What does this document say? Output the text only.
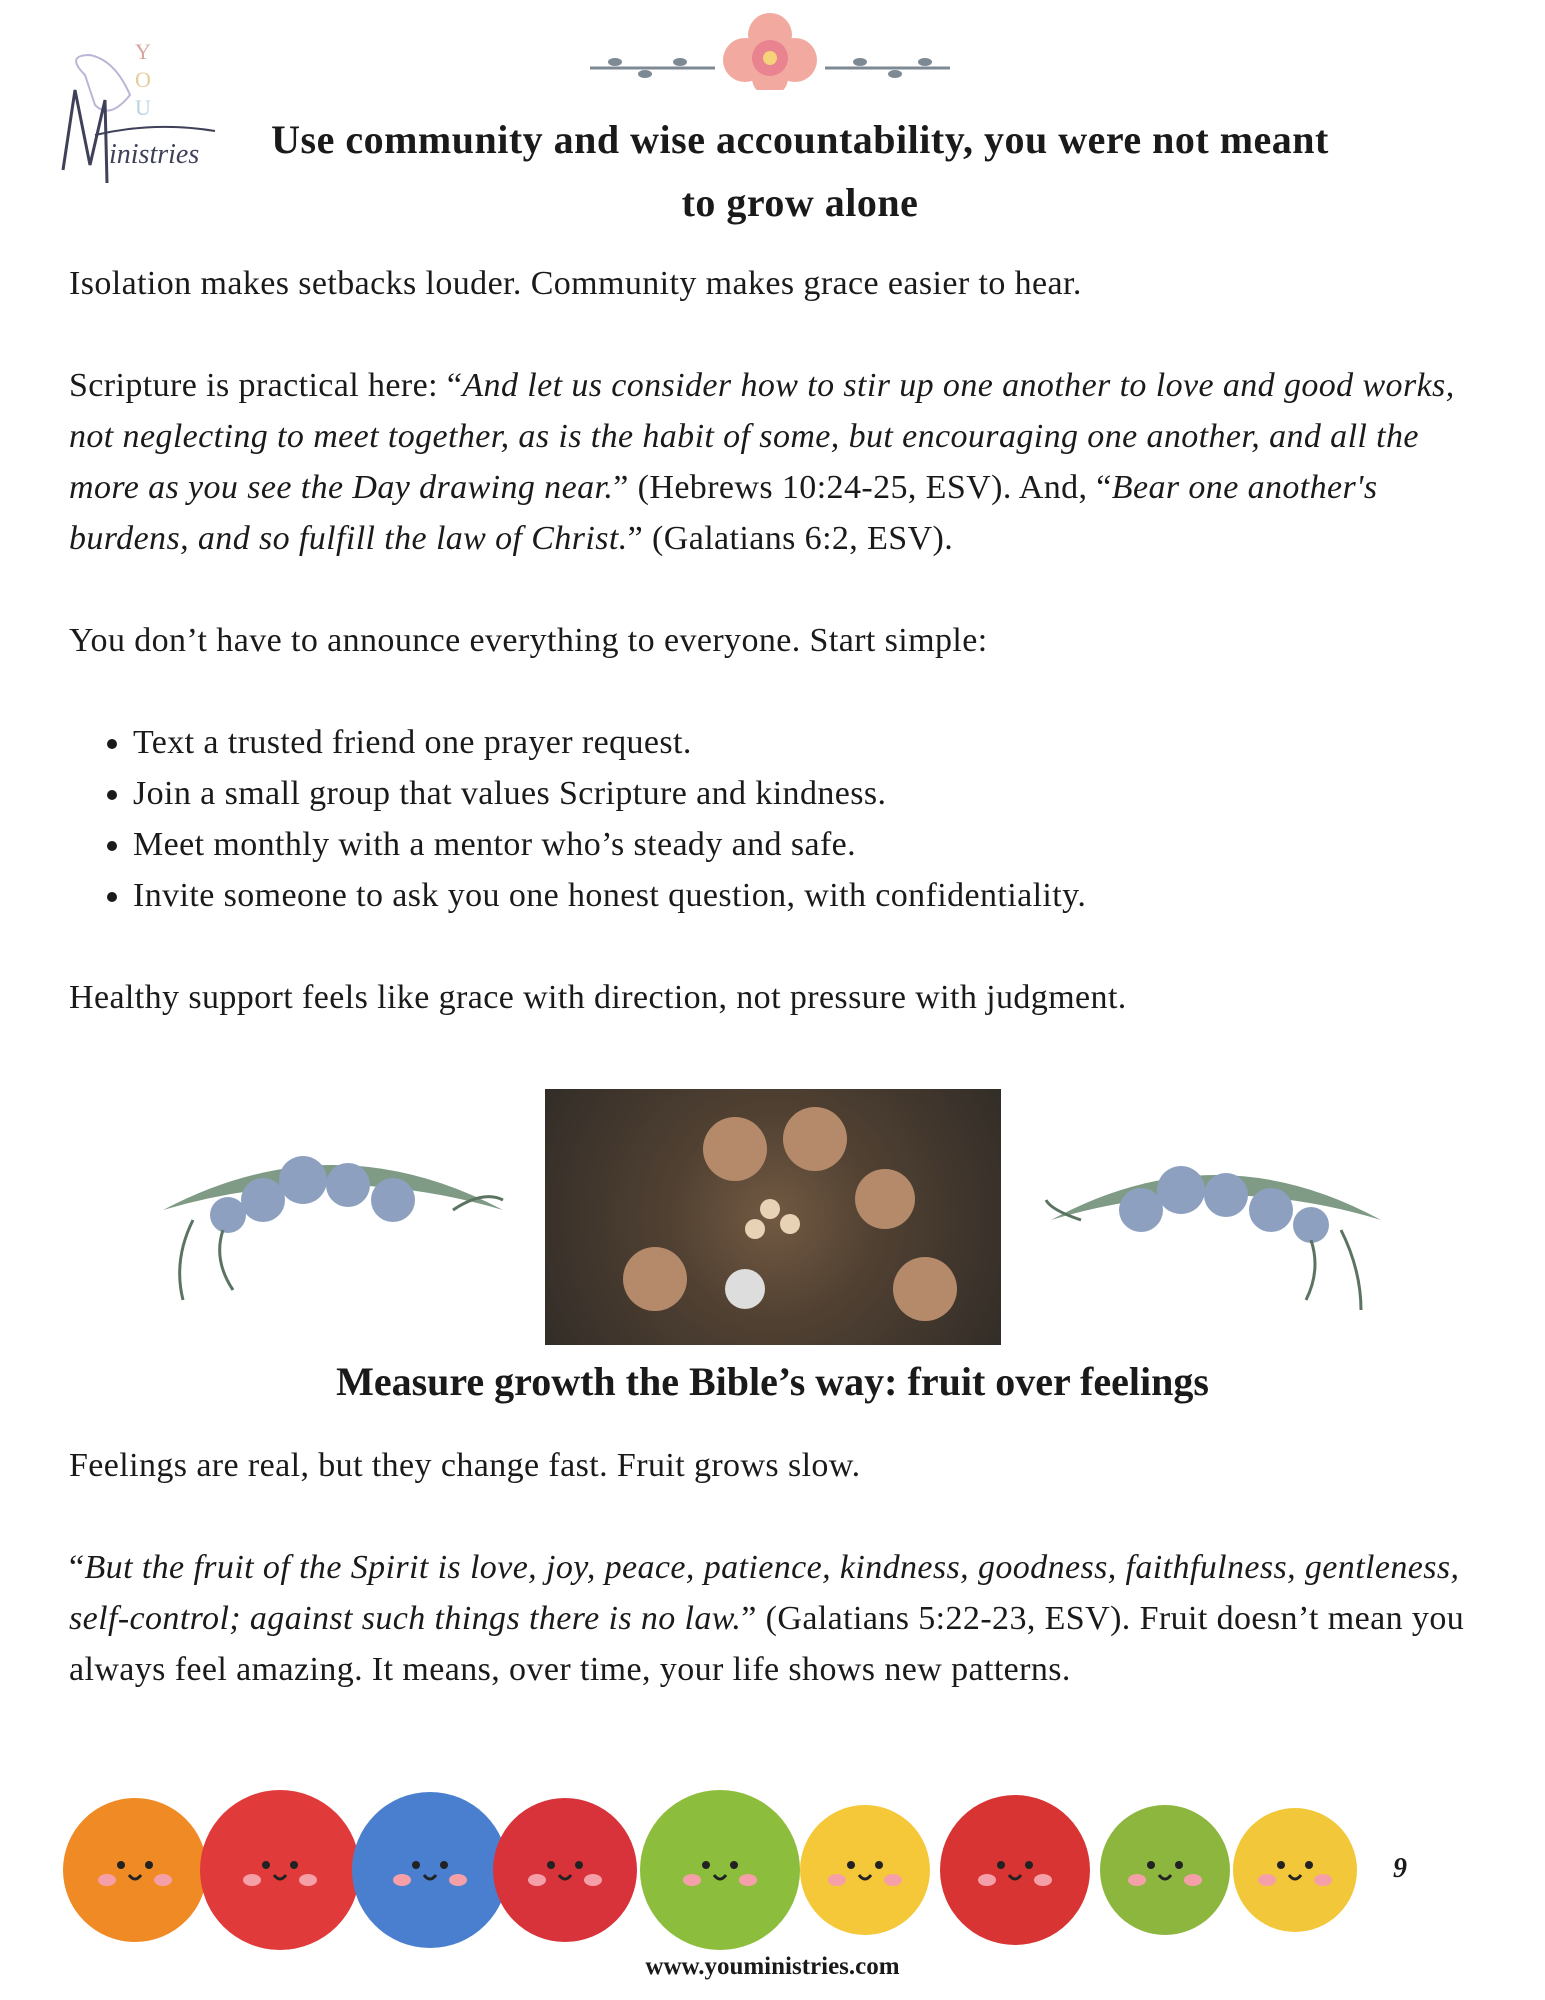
Y
O
U
inistries	Use community and wise accountability, you were not meant to grow alone

Isolation makes setbacks louder. Community makes grace easier to hear.

Scripture is practical here: “And let us consider how to stir up one another to love and good works, not neglecting to meet together, as is the habit of some, but encouraging one another, and all the more as you see the Day drawing near.” (Hebrews 10:24-25, ESV). And, “Bear one another's burdens, and so fulfill the law of Christ.” (Galatians 6:2, ESV).

You don’t have to announce everything to everyone. Start simple:

• Text a trusted friend one prayer request.
• Join a small group that values Scripture and kindness.
• Meet monthly with a mentor who’s steady and safe.
• Invite someone to ask you one honest question, with confidentiality.

Healthy support feels like grace with direction, not pressure with judgment.

Measure growth the Bible’s way: fruit over feelings

Feelings are real, but they change fast. Fruit grows slow.

“But the fruit of the Spirit is love, joy, peace, patience, kindness, goodness, faithfulness, gentleness, self-control; against such things there is no law.” (Galatians 5:22-23, ESV). Fruit doesn’t mean you always feel amazing. It means, over time, your life shows new patterns.

9
www.youministries.com
